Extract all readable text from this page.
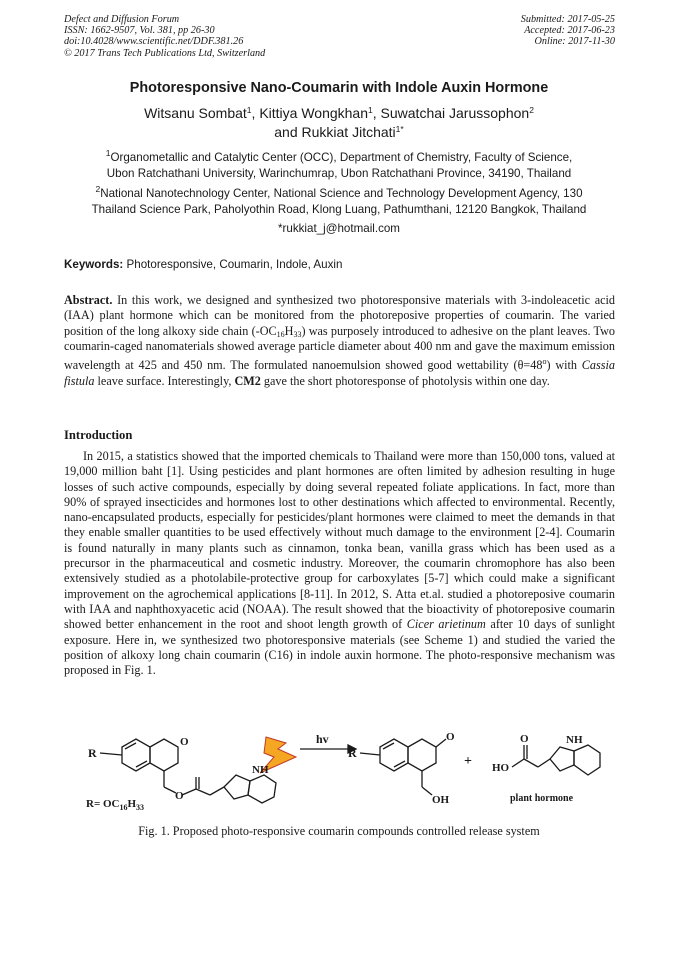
Defect and Diffusion Forum
ISSN: 1662-9507, Vol. 381, pp 26-30
doi:10.4028/www.scientific.net/DDF.381.26
© 2017 Trans Tech Publications Ltd, Switzerland
Submitted: 2017-05-25
Accepted: 2017-06-23
Online: 2017-11-30
Photoresponsive Nano-Coumarin with Indole Auxin Hormone
Witsanu Sombat$^1$, Kittiya Wongkhan$^1$, Suwatchai Jarussophon$^2$
and Rukkiat Jitchati$^{1*}$
$^1$Organometallic and Catalytic Center (OCC), Department of Chemistry, Faculty of Science,
Ubon Ratchathani University, Warinchumrap, Ubon Ratchathani Province, 34190, Thailand
$^2$National Nanotechnology Center, National Science and Technology Development Agency, 130
Thailand Science Park, Paholyothin Road, Klong Luang, Pathumthani, 12120 Bangkok, Thailand
*rukkiat_j@hotmail.com
Keywords: Photoresponsive, Coumarin, Indole, Auxin
Abstract. In this work, we designed and synthesized two photoresponsive materials with 3-indoleacetic acid (IAA) plant hormone which can be monitored from the photoreposive properties of coumarin. The varied position of the long alkoxy side chain $(-OC_{16}H_{33})$ was purposely introduced to adhesive on the plant leaves. Two coumarin-caged nanomaterials showed average particle diameter about 400 nm and gave the maximum emission wavelength at 425 and 450 nm. The formulated nanoemulsion showed good wettability $(\theta=48^o)$ with Cassia fistula leave surface. Interestingly, CM2 gave the short photoresponse of photolysis within one day.
Introduction
In 2015, a statistics showed that the imported chemicals to Thailand were more than 150,000 tons, valued at 19,000 million baht [1]. Using pesticides and plant hormones are often limited by adhesion resulting in huge losses of such active compounds, especially by doing several repeated foliate applications. In fact, more than 90% of sprayed insecticides and hormones lost to other destinations which affected to environmental. Recently, nano-encapsulated products, especially for pesticides/plant hormones were claimed to meet the demands in that they enable smaller quantities to be used effectively without much damage to the environment [2-4]. Coumarin is found naturally in many plants such as cinnamon, tonka bean, vanilla grass which has been used as a precursor in the pharmaceutical and cosmetic industry. Moreover, the coumarin chromophore has also been extensively studied as a photolabile-protective group for carboxylates [5-7] which could make a significant improvement on the agrochemical applications [8-11]. In 2012, S. Atta et.al. studied a photoreposive coumarin with IAA and naphthoxyacetic acid (NOAA). The result showed that the bioactivity of photoreposive coumarin showed better enhancement in the root and shoot length growth of Cicer arietinum after 10 days of sunlight exposure. Here in, we synthesized two photoresponsive materials (see Scheme 1) and studied the varied the position of alkoxy long chain coumarin (C16) in indole auxin hormone. The photo-responsive mechanism was proposed in Fig. 1.
R
O
O
NH
$R= OC_{16}H_{33}$
hv
R
O
OH
+ HO
O	NH
plant hormone
Fig. 1. Proposed photo-responsive coumarin compounds controlled release system
